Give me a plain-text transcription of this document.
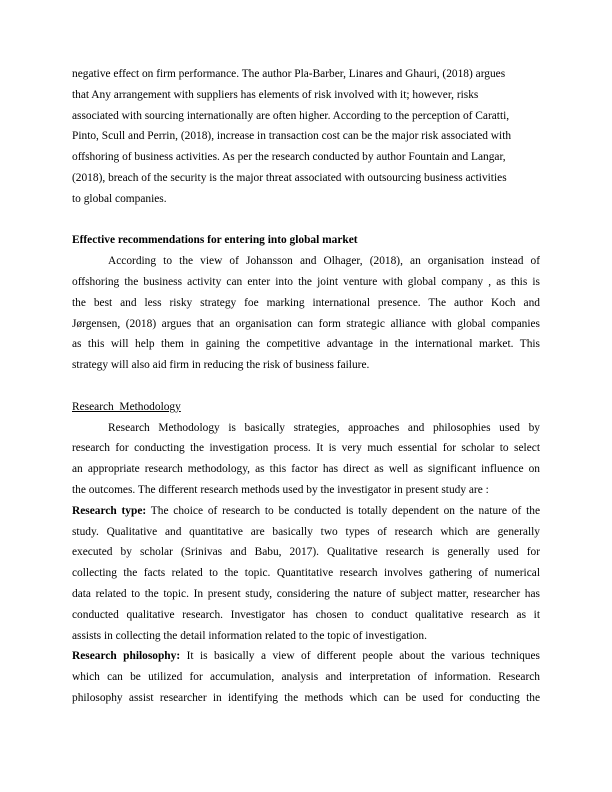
negative effect on firm performance. The author Pla-Barber, Linares and Ghauri, (2018) argues
that Any arrangement with suppliers has elements of risk involved with it; however, risks
associated with sourcing internationally are often higher. According to the perception of Caratti,
Pinto, Scull and Perrin, (2018), increase in transaction cost can be the major risk associated with
offshoring of business activities. As per the research conducted by author Fountain and Langar,
(2018), breach of the security is the major threat associated with outsourcing business activities
to global companies.
Effective recommendations for entering into global market
According to the view of Johansson and Olhager, (2018), an organisation instead of
offshoring the business activity can enter into the joint venture with global company , as this is
the best and less risky strategy foe marking international presence. The author Koch and
Jørgensen, (2018) argues that an organisation can form strategic alliance with global companies
as this will help them in gaining the competitive advantage in the international market. This
strategy will also aid firm in reducing the risk of business failure.
Research  Methodology
Research Methodology is basically strategies, approaches and philosophies used by
research for conducting the investigation process. It is very much essential for scholar to select
an appropriate research methodology, as this factor has direct as well as significant influence on
the outcomes. The different research methods used by the investigator in present study are :
Research type: The choice of research to be conducted is totally dependent on the nature of the
study. Qualitative and quantitative are basically two types of research which are generally
executed by scholar (Srinivas and Babu, 2017). Qualitative research is generally used for
collecting the facts related to the topic. Quantitative research involves gathering of numerical
data related to the topic. In present study, considering the nature of subject matter, researcher has
conducted qualitative research. Investigator has chosen to conduct qualitative research as it
assists in collecting the detail information related to the topic of investigation.
Research philosophy: It is basically a view of different people about the various techniques
which can be utilized for accumulation, analysis and interpretation of information. Research
philosophy assist researcher in identifying the methods which can be used for conducting the
